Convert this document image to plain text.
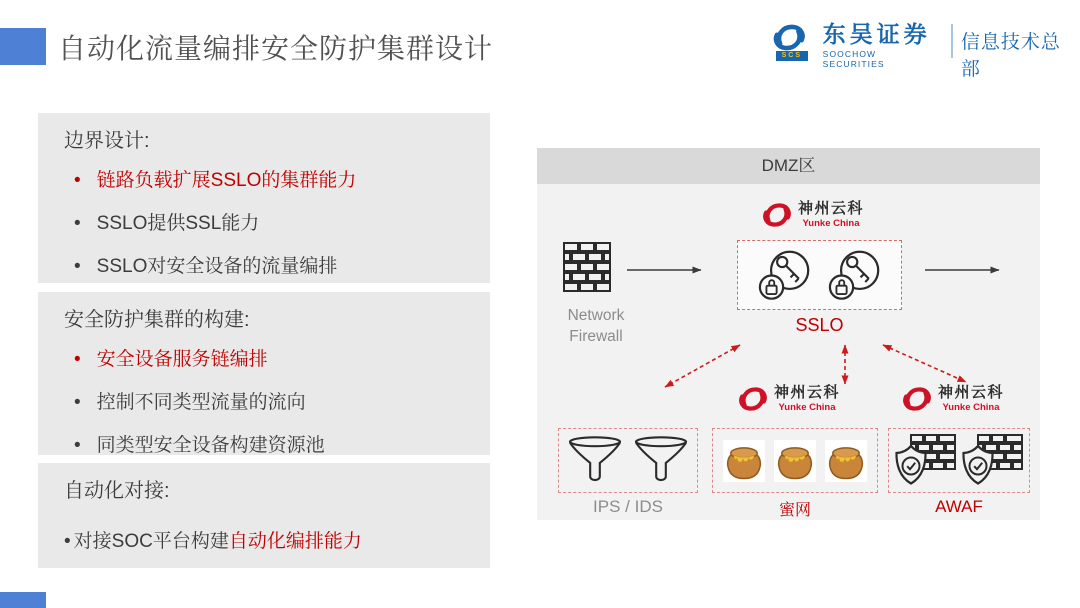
自动化流量编排安全防护集群设计	SCS
东吴证券
SOOCHOW SECURITIES
信息技术总部
边界设计:
• 链路负载扩展SSLO的集群能力
• SSLO提供SSL能力
• SSLO对安全设备的流量编排
安全防护集群的构建:
• 安全设备服务链编排
• 控制不同类型流量的流向
• 同类型安全设备构建资源池
自动化对接:
• 对接SOC平台构建自动化编排能力
DMZ区
Network
Firewall
神州云科
Yunke China
SSLO
神州云科
Yunke China
神州云科
Yunke China
IPS / IDS	蜜网	AWAF
